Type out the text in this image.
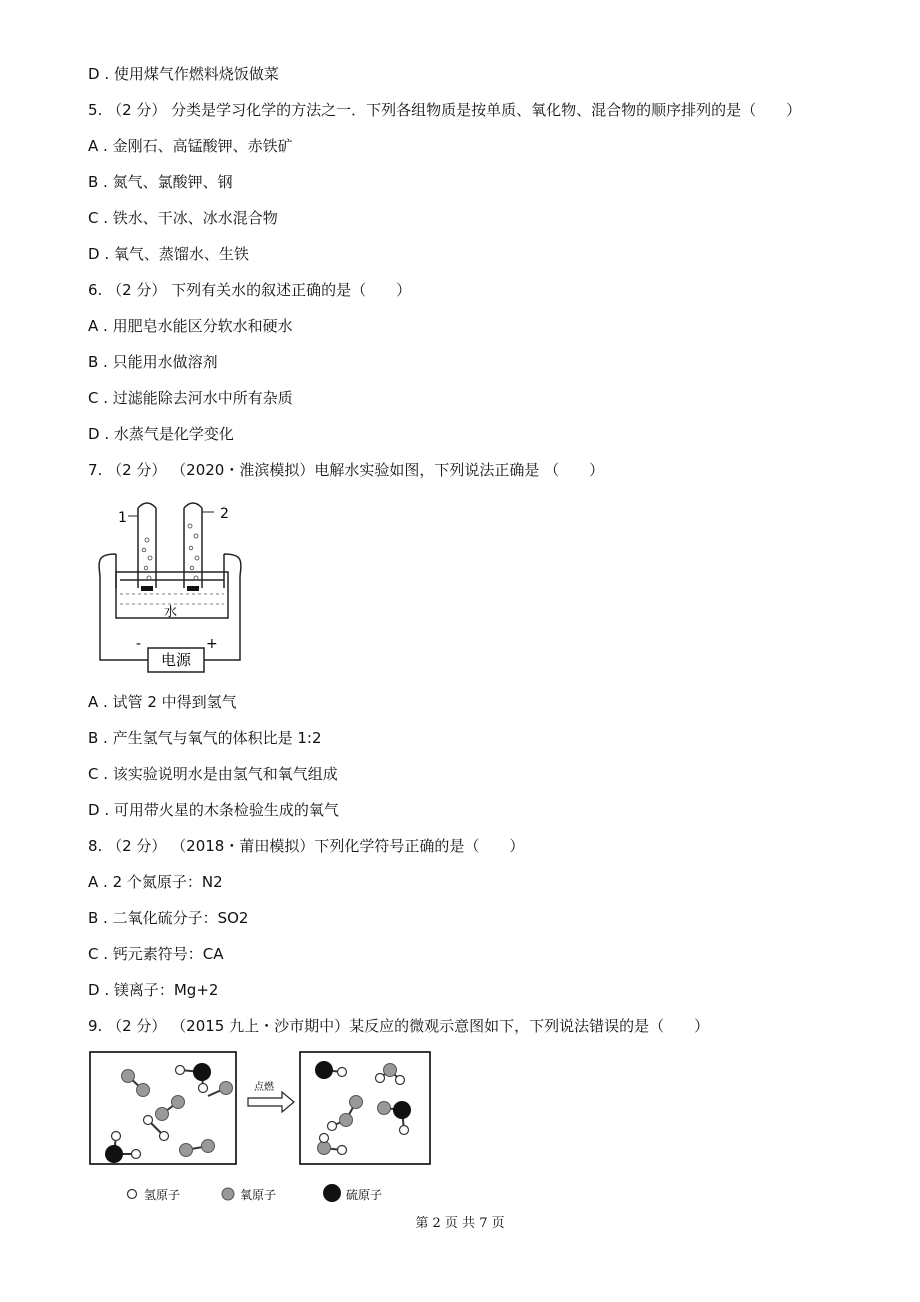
D . 使用煤气作燃料烧饭做菜
5. （2 分） 分类是学习化学的方法之一．下列各组物质是按单质、氧化物、混合物的顺序排列的是（　　）
A . 金刚石、高锰酸钾、赤铁矿
B . 氮气、氯酸钾、钢
C . 铁水、干冰、冰水混合物
D . 氧气、蒸馏水、生铁
6. （2 分） 下列有关水的叙述正确的是（　　）
A . 用肥皂水能区分软水和硬水
B . 只能用水做溶剂
C . 过滤能除去河水中所有杂质
D . 水蒸气是化学变化
7. （2 分） （2020・淮滨模拟）电解水实验如图，下列说法正确是 （　　）
1	2
水
-	+
电源
A . 试管 2 中得到氢气
B . 产生氢气与氧气的体积比是 1:2
C . 该实验说明水是由氢气和氧气组成
D . 可用带火星的木条检验生成的氧气
8. （2 分） （2018・莆田模拟）下列化学符号正确的是（　　）
A . 2 个氮原子：N2
B . 二氧化硫分子：SO2
C . 钙元素符号：CA
D . 镁离子：Mg+2
9. （2 分） （2015 九上・沙市期中）某反应的微观示意图如下，下列说法错误的是（　　）
点燃
氢原子	氧原子	硫原子
第 2 页 共 7 页
